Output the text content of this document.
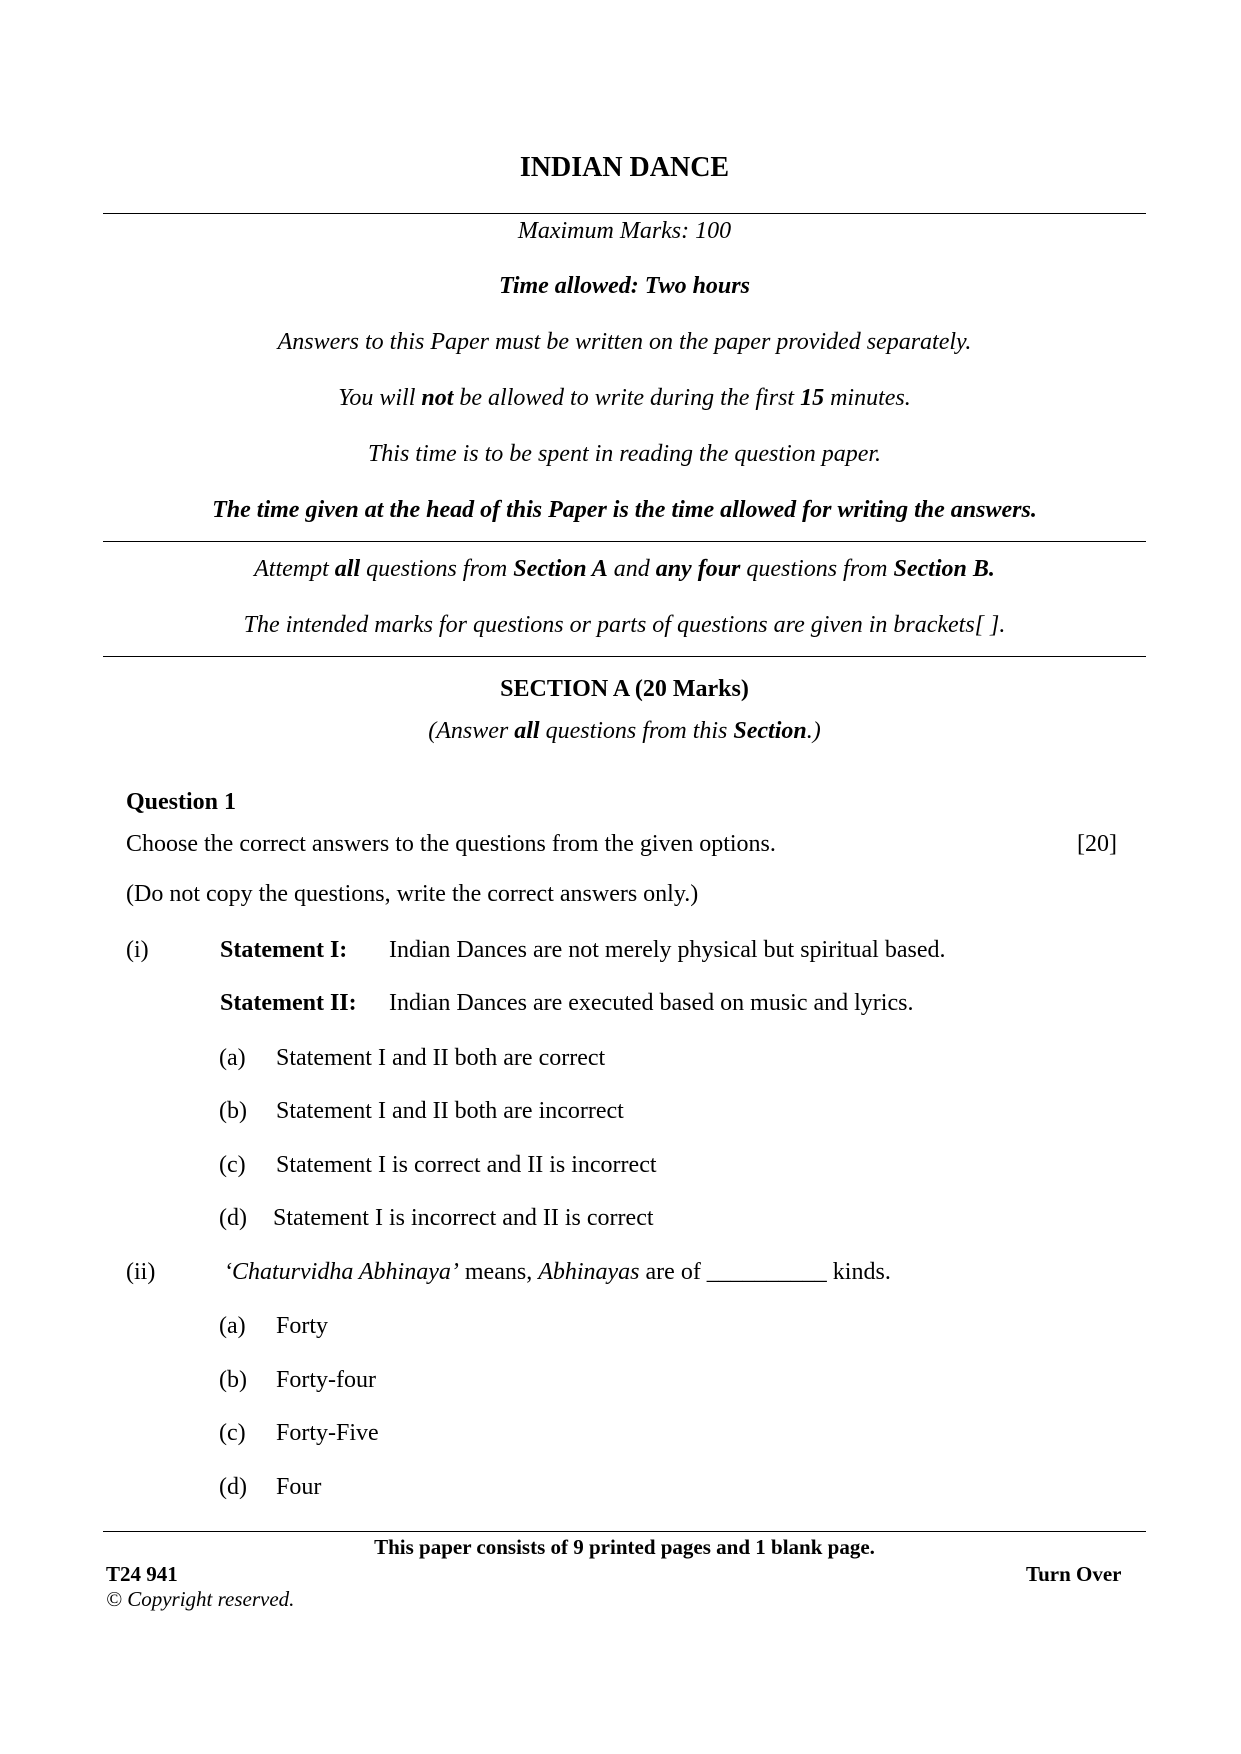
INDIAN DANCE
Maximum Marks: 100
Time allowed: Two hours
Answers to this Paper must be written on the paper provided separately.
You will not be allowed to write during the first 15 minutes.
This time is to be spent in reading the question paper.
The time given at the head of this Paper is the time allowed for writing the answers.
Attempt all questions from Section A and any four questions from Section B.
The intended marks for questions or parts of questions are given in brackets[ ].
SECTION A (20 Marks)
(Answer all questions from this Section.)
Question 1
Choose the correct answers to the questions from the given options.	[20]
(Do not copy the questions, write the correct answers only.)
(i)	Statement I: Indian Dances are not merely physical but spiritual based.
Statement II: Indian Dances are executed based on music and lyrics.
(a) Statement I and II both are correct
(b) Statement I and II both are incorrect
(c) Statement I is correct and II is incorrect
(d) Statement I is incorrect and II is correct
(ii)	‘Chaturvidha Abhinaya’ means, Abhinayas are of __________ kinds.
(a) Forty
(b) Forty-four
(c) Forty-Five
(d) Four
This paper consists of 9 printed pages and 1 blank page.
T24 941	Turn Over
© Copyright reserved.
